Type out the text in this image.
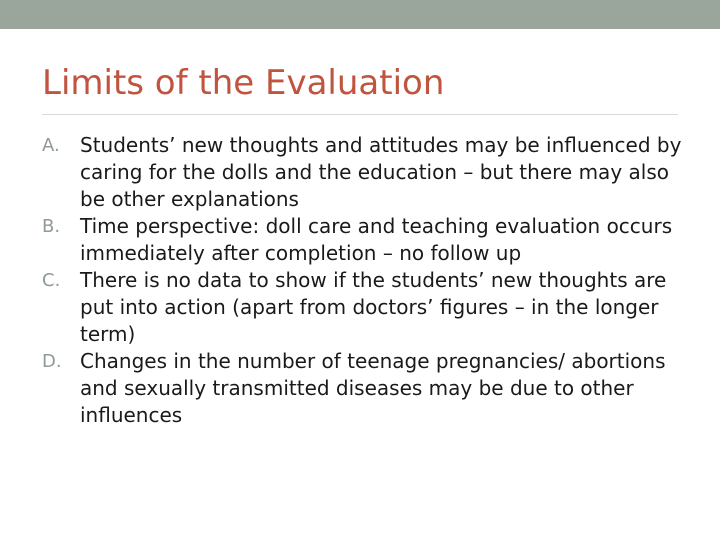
Limits of the Evaluation
A. Students’ new thoughts and attitudes may be influenced by caring for the dolls and the education – but there may also be other explanations
B. Time perspective: doll care and teaching evaluation occurs immediately after completion – no follow up
C. There is no data to show if the students’ new thoughts are put into action (apart from doctors’ figures – in the longer term)
D. Changes in the number of teenage pregnancies/ abortions and sexually transmitted diseases may be due to other influences
